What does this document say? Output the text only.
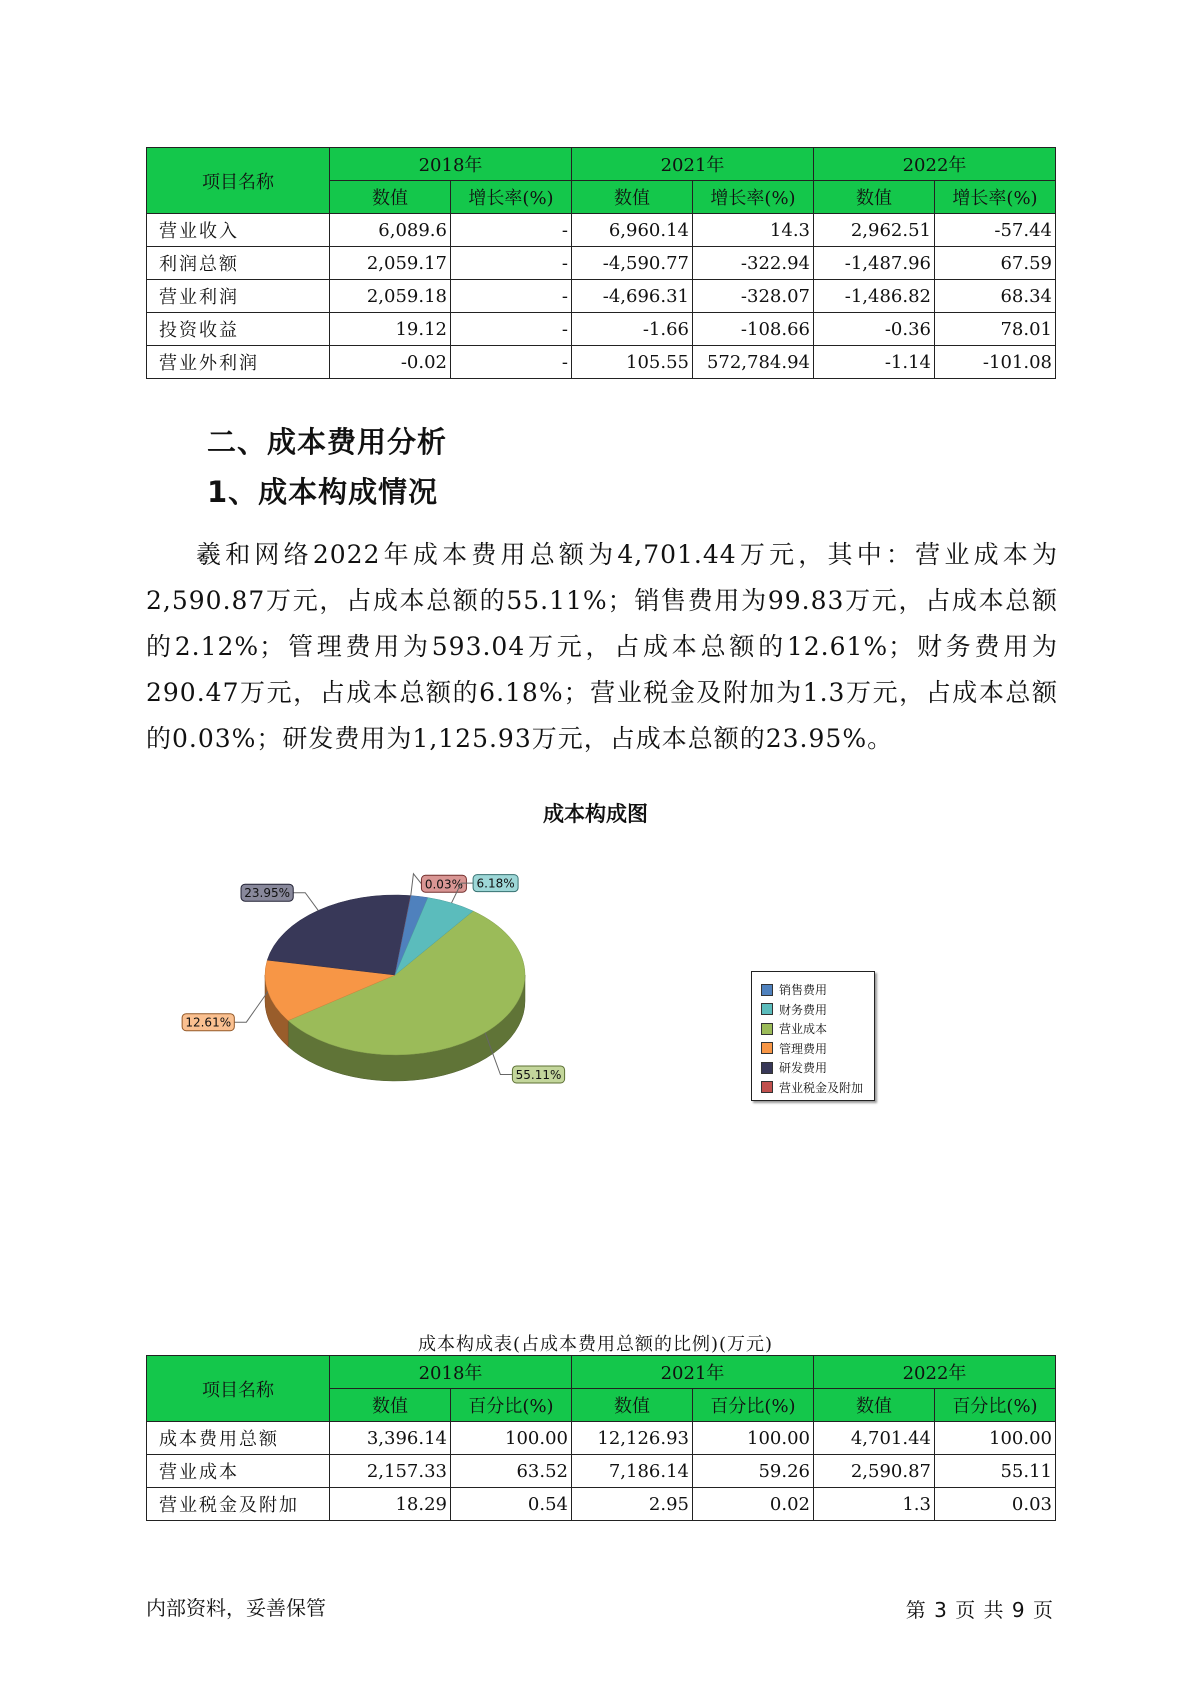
项目名称	2018年		2021年		2022年	
	数值	增长率(%)	数值	增长率(%)	数值	增长率(%)
营业收入	6,089.6	-	6,960.14	14.3	2,962.51	-57.44
利润总额	2,059.17	-	-4,590.77	-322.94	-1,487.96	67.59
营业利润	2,059.18	-	-4,696.31	-328.07	-1,486.82	68.34
投资收益	19.12	-	-1.66	-108.66	-0.36	78.01
营业外利润	-0.02	-	105.55	572,784.94	-1.14	-101.08
二、成本费用分析
1、成本构成情况
羲和网络2022年成本费用总额为4,701.44万元，其中：营业成本为2,590.87万元，占成本总额的55.11%；销售费用为99.83万元，占成本总额的2.12%；管理费用为593.04万元，占成本总额的12.61%；财务费用为290.47万元，占成本总额的6.18%；营业税金及附加为1.3万元，占成本总额的0.03%；研发费用为1,125.93万元，占成本总额的23.95%。
成本构成图
55.11%
12.61%
23.95%
0.03% 6.18%
销售费用
财务费用
营业成本
管理费用
研发费用
营业税金及附加
成本构成表(占成本费用总额的比例)(万元)
项目名称	2018年		2021年		2022年	
	数值	百分比(%)	数值	百分比(%)	数值	百分比(%)
成本费用总额	3,396.14	100.00	12,126.93	100.00	4,701.44	100.00
营业成本	2,157.33	63.52	7,186.14	59.26	2,590.87	55.11
营业税金及附加	18.29	0.54	2.95	0.02	1.3	0.03
内部资料，妥善保管	第 3 页 共 9 页
